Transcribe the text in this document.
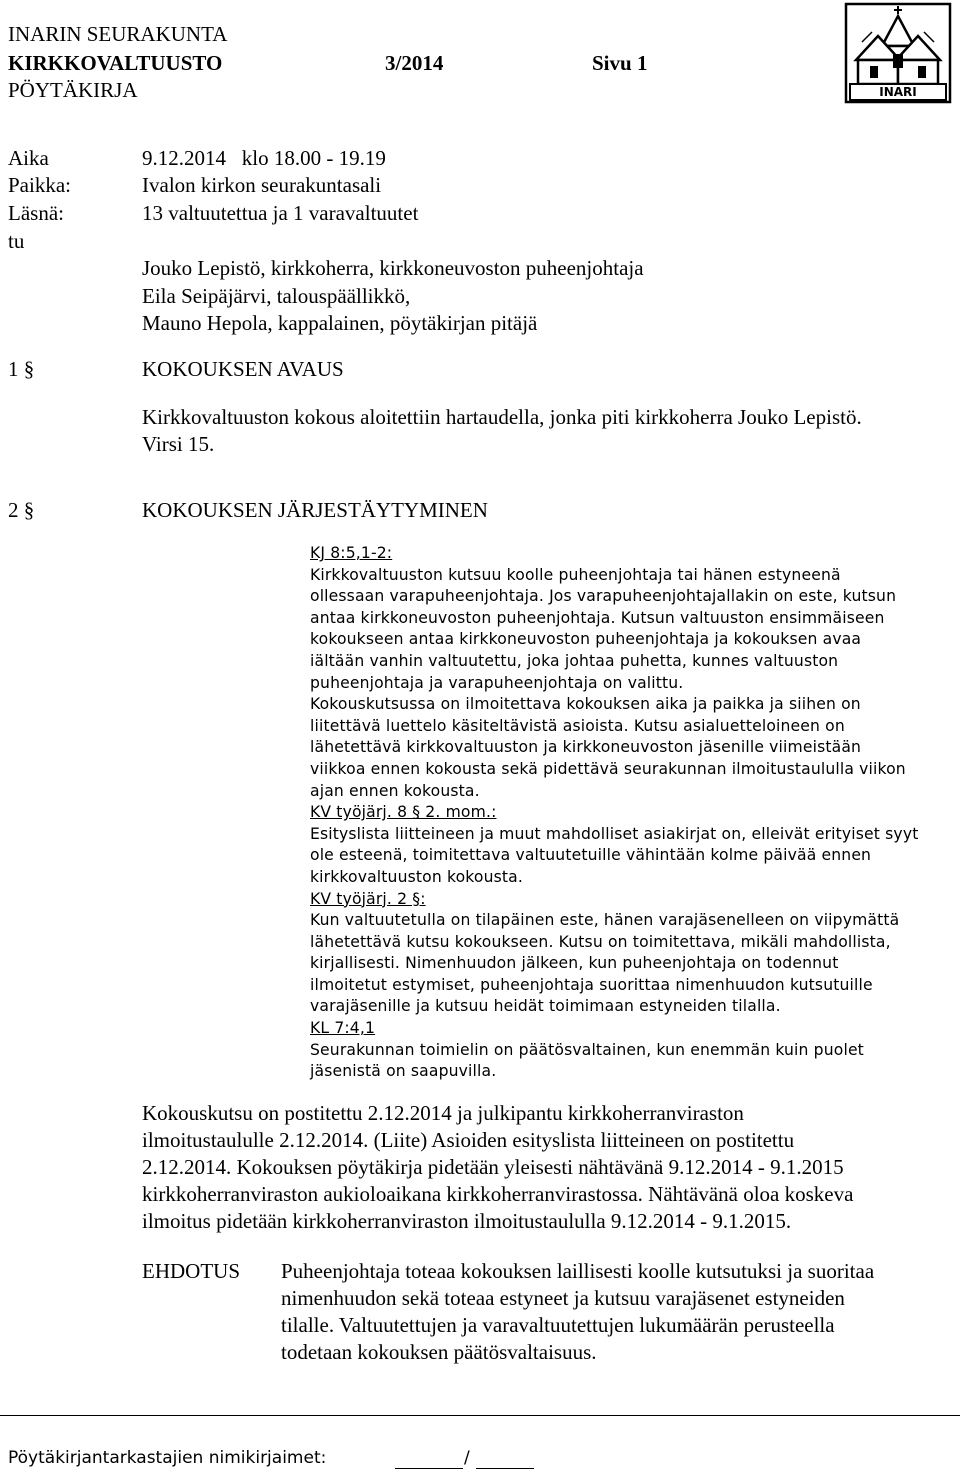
INARIN SEURAKUNTA
KIRKKOVALTUUSTO	3/2014	Sivu 1
PÖYTÄKIRJA	INARI
Aika	9.12.2014   klo 18.00 - 19.19
Paikka:	Ivalon kirkon seurakuntasali
Läsnä:	13 valtuutettua ja 1 varavaltuutet
tu
Jouko Lepistö, kirkkoherra, kirkkoneuvoston puheenjohtaja
Eila Seipäjärvi, talouspäällikkö,
Mauno Hepola, kappalainen, pöytäkirjan pitäjä
1 §	KOKOUKSEN AVAUS
Kirkkovaltuuston kokous aloitettiin hartaudella, jonka piti kirkkoherra Jouko Lepistö.
Virsi 15.
2 §	KOKOUKSEN JÄRJESTÄYTYMINEN

KJ 8:5,1-2:

Kirkkovaltuuston kutsuu koolle puheenjohtaja tai hänen estyneenä

ollessaan varapuheenjohtaja. Jos varapuheenjohtajallakin on este, kutsun

antaa kirkkoneuvoston puheenjohtaja. Kutsun valtuuston ensimmäiseen

kokoukseen antaa kirkkoneuvoston puheenjohtaja ja kokouksen avaa

iältään vanhin valtuutettu, joka johtaa puhetta, kunnes valtuuston

puheenjohtaja ja varapuheenjohtaja on valittu.

Kokouskutsussa on ilmoitettava kokouksen aika ja paikka ja siihen on

liitettävä luettelo käsiteltävistä asioista. Kutsu asialuetteloineen on

lähetettävä kirkkovaltuuston ja kirkkoneuvoston jäsenille viimeistään

viikkoa ennen kokousta sekä pidettävä seurakunnan ilmoitustaululla viikon

ajan ennen kokousta.

KV työjärj. 8 § 2. mom.:

Esityslista liitteineen ja muut mahdolliset asiakirjat on, elleivät erityiset syyt

ole esteenä, toimitettava valtuutetuille vähintään kolme päivää ennen

kirkkovaltuuston kokousta.

KV työjärj. 2 §:

Kun valtuutetulla on tilapäinen este, hänen varajäsenelleen on viipymättä

lähetettävä kutsu kokoukseen. Kutsu on toimitettava, mikäli mahdollista,

kirjallisesti. Nimenhuudon jälkeen, kun puheenjohtaja on todennut

ilmoitetut estymiset, puheenjohtaja suorittaa nimenhuudon kutsutuille

varajäsenille ja kutsuu heidät toimimaan estyneiden tilalla.

KL 7:4,1

Seurakunnan toimielin on päätösvaltainen, kun enemmän kuin puolet

jäsenistä on saapuvilla.

Kokouskutsu on postitettu 2.12.2014 ja julkipantu kirkkoherranviraston
ilmoitustaululle 2.12.2014. (Liite) Asioiden esityslista liitteineen on postitettu
2.12.2014. Kokouksen pöytäkirja pidetään yleisesti nähtävänä 9.12.2014 - 9.1.2015
kirkkoherranviraston aukioloaikana kirkkoherranvirastossa. Nähtävänä oloa koskeva
ilmoitus pidetään kirkkoherranviraston ilmoitustaululla 9.12.2014 - 9.1.2015.
EHDOTUS Puheenjohtaja toteaa kokouksen laillisesti koolle kutsutuksi ja suoritaa
nimenhuudon sekä toteaa estyneet ja kutsuu varajäsenet estyneiden
tilalle. Valtuutettujen ja varavaltuutettujen lukumäärän perusteella
todetaan kokouksen päätösvaltaisuus.
Pöytäkirjantarkastajien nimikirjaimet:	/
